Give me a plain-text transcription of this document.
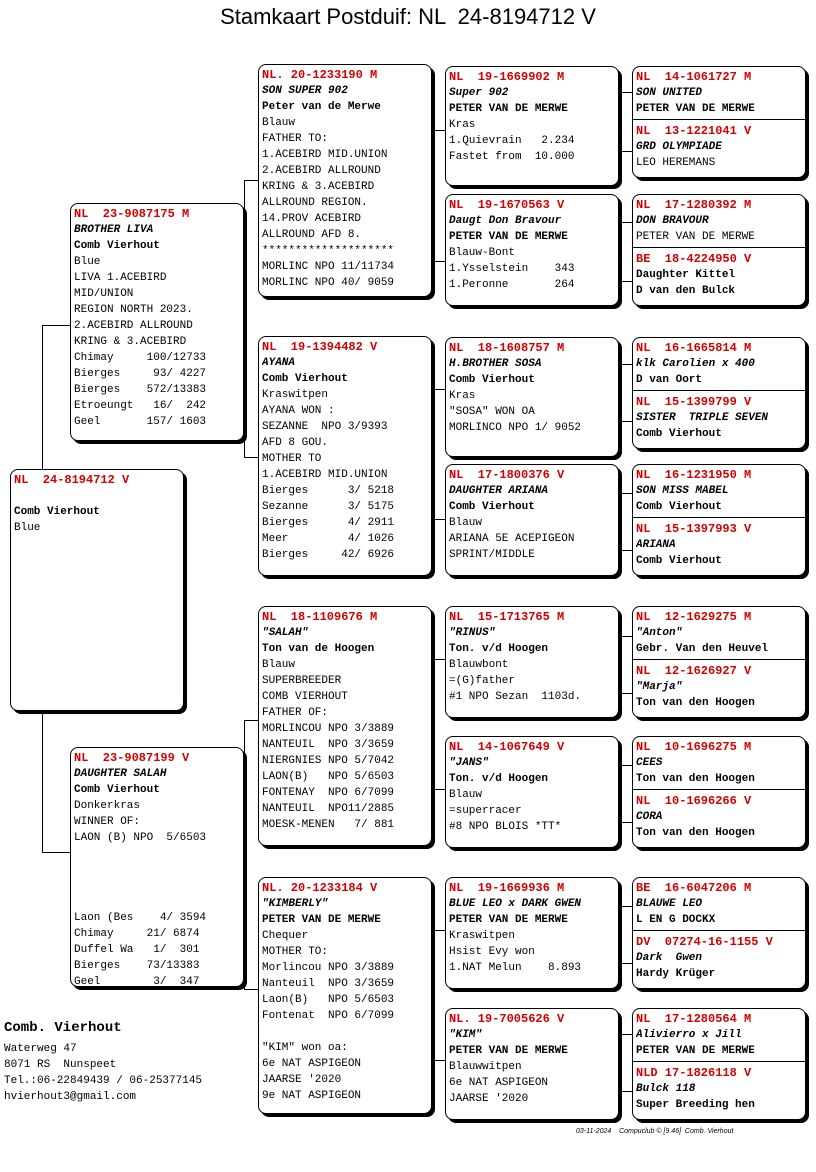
Stamkaart Postduif: NL  24-8194712 V
NL  24-8194712 V
Comb Vierhout
Blue
NL  23-9087175 M
BROTHER LIVA
Comb Vierhout
Blue
LIVA 1.ACEBIRD
MID/UNION
REGION NORTH 2023.
2.ACEBIRD ALLROUND
KRING & 3.ACEBIRD
Chimay     100/12733
Bierges     93/ 4227
Bierges    572/13383
Etroeungt   16/  242
Geel       157/ 1603
NL  23-9087199 V
DAUGHTER SALAH
Comb Vierhout
Donkerkras
WINNER OF:
LAON (B) NPO  5/6503
Laon (Bes    4/ 3594
Chimay     21/ 6874
Duffel Wa   1/  301
Bierges    73/13383
Geel        3/  347
NL. 20-1233190 M
SON SUPER 902
Peter van de Merwe
Blauw
FATHER TO:
1.ACEBIRD MID.UNION
2.ACEBIRD ALLROUND
KRING & 3.ACEBIRD
ALLROUND REGION.
14.PROV ACEBIRD
ALLROUND AFD 8.
********************
MORLINC NPO 11/11734
MORLINC NPO 40/ 9059
NL  19-1394482 V
AYANA
Comb Vierhout
Kraswitpen
AYANA WON :
SEZANNE  NPO 3/9393
AFD 8 GOU.
MOTHER TO
1.ACEBIRD MID.UNION
Bierges      3/ 5218
Sezanne      3/ 5175
Bierges      4/ 2911
Meer         4/ 1026
Bierges     42/ 6926
NL  18-1109676 M
"SALAH"
Ton van de Hoogen
Blauw
SUPERBREEDER
COMB VIERHOUT
FATHER OF:
MORLINCOU NPO 3/3889
NANTEUIL  NPO 3/3659
NIERGNIES NPO 5/7042
LAON(B)   NPO 5/6503
FONTENAY  NPO 6/7099
NANTEUIL  NPO11/2885
MOESK-MENEN   7/ 881
NL. 20-1233184 V
"KIMBERLY"
PETER VAN DE MERWE
Chequer
MOTHER TO:
Morlincou NPO 3/3889
Nanteuil  NPO 3/3659
Laon(B)   NPO 5/6503
Fontenat  NPO 6/7099
"KIM" won oa:
6e NAT ASPIGEON
JAARSE '2020
9e NAT ASPIGEON
NL  19-1669902 M
Super 902
PETER VAN DE MERWE
Kras
1.Quievrain   2.234
Fastet from  10.000
NL  19-1670563 V
Daugt Don Bravour
PETER VAN DE MERWE
Blauw-Bont
1.Ysselstein    343
1.Peronne       264
NL  18-1608757 M
H.BROTHER SOSA
Comb Vierhout
Kras
"SOSA" WON OA
MORLINCO NPO 1/ 9052
NL  17-1800376 V
DAUGHTER ARIANA
Comb Vierhout
Blauw
ARIANA 5E ACEPIGEON
SPRINT/MIDDLE
NL  15-1713765 M
"RINUS"
Ton. v/d Hoogen
Blauwbont
=(G)father
#1 NPO Sezan  1103d.
NL  14-1067649 V
"JANS"
Ton. v/d Hoogen
Blauw
=superracer
#8 NPO BLOIS *TT*
NL  19-1669936 M
BLUE LEO x DARK GWEN
PETER VAN DE MERWE
Kraswitpen
Hsist Evy won
1.NAT Melun    8.893
NL. 19-7005626 V
"KIM"
PETER VAN DE MERWE
Blauwwitpen
6e NAT ASPIGEON
JAARSE '2020
NL  14-1061727 M
SON UNITED
PETER VAN DE MERWE
NL  13-1221041 V
GRD OLYMPIADE
LEO HEREMANS
NL  17-1280392 M
DON BRAVOUR
PETER VAN DE MERWE
BE  18-4224950 V
Daughter Kittel
D van den Bulck
NL  16-1665814 M
klk Carolien x 400
D van Oort
NL  15-1399799 V
SISTER  TRIPLE SEVEN
Comb Vierhout
NL  16-1231950 M
SON MISS MABEL
Comb Vierhout
NL  15-1397993 V
ARIANA
Comb Vierhout
NL  12-1629275 M
"Anton"
Gebr. Van den Heuvel
NL  12-1626927 V
"Marja"
Ton van den Hoogen
NL  10-1696275 M
CEES
Ton van den Hoogen
NL  10-1696266 V
CORA
Ton van den Hoogen
BE  16-6047206 M
BLAUWE LEO
L EN G DOCKX
DV  07274-16-1155 V
Dark  Gwen
Hardy Krüger
NL  17-1280564 M
Alivierro x Jill
PETER VAN DE MERWE
NLD 17-1826118 V
Bulck 118
Super Breeding hen
Comb. Vierhout
Waterweg 47
8071 RS  Nunspeet
Tel.:06-22849439 / 06-25377145
hvierhout3@gmail.com
03-11-2024    Compuclub © [9.46]  Comb. Vierhout
